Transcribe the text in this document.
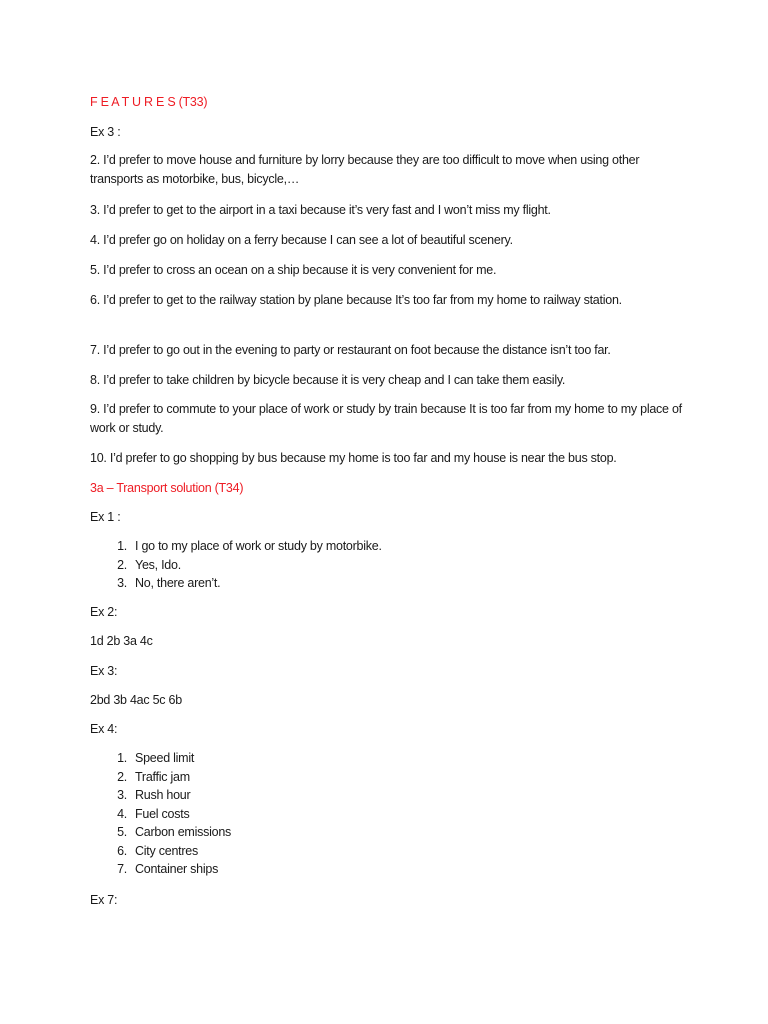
F E A T U R E S (T33)

Ex 3 :

2. I’d prefer to move house and furniture by lorry because they are too difficult to move when using other transports as motorbike, bus, bicycle,…

3. I’d prefer to get to the airport in a taxi because it’s very fast and I won’t miss my flight.

4. I’d prefer go on holiday on a ferry because I can see a lot of beautiful scenery.

5. I’d prefer to cross an ocean on a ship because it is very convenient for me.

6. I’d prefer to get to the railway station by plane because It’s too far from my home to railway station.

7. I’d prefer to go out in the evening to party or restaurant on foot because the distance isn’t too far.

8. I’d prefer to take children by bicycle because it is very cheap and I can take them easily.

9. I’d prefer to commute to your place of work or study by train because It is too far from my home to my place of work or study.

10. I’d prefer to go shopping by bus because my home is too far and my house is near the bus stop.

3a – Transport solution (T34)

Ex 1 :

1. I go to my place of work or study by motorbike.
2. Yes, Ido.
3. No, there aren’t.

Ex 2:

1d 2b 3a 4c

Ex 3:

2bd 3b 4ac 5c 6b

Ex 4:

1. Speed limit
2. Traffic jam
3. Rush hour
4. Fuel costs
5. Carbon emissions
6. City centres
7. Container ships

Ex 7:
